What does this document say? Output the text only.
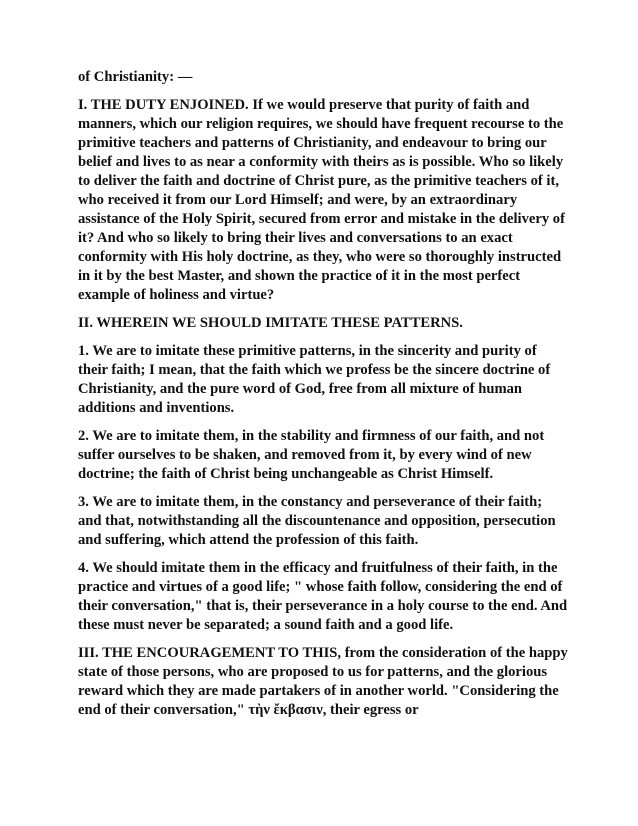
of Christianity: —

I. THE DUTY ENJOINED. If we would preserve that purity of faith and manners, which our religion requires, we should have frequent recourse to the primitive teachers and patterns of Christianity, and endeavour to bring our belief and lives to as near a conformity with theirs as is possible. Who so likely to deliver the faith and doctrine of Christ pure, as the primitive teachers of it, who received it from our Lord Himself; and were, by an extraordinary assistance of the Holy Spirit, secured from error and mistake in the delivery of it? And who so likely to bring their lives and conversations to an exact conformity with His holy doctrine, as they, who were so thoroughly instructed in it by the best Master, and shown the practice of it in the most perfect example of holiness and virtue?

II. WHEREIN WE SHOULD IMITATE THESE PATTERNS.

1. We are to imitate these primitive patterns, in the sincerity and purity of their faith; I mean, that the faith which we profess be the sincere doctrine of Christianity, and the pure word of God, free from all mixture of human additions and inventions.

2. We are to imitate them, in the stability and firmness of our faith, and not suffer ourselves to be shaken, and removed from it, by every wind of new doctrine; the faith of Christ being unchangeable as Christ Himself.

3. We are to imitate them, in the constancy and perseverance of their faith; and that, notwithstanding all the discountenance and opposition, persecution and suffering, which attend the profession of this faith.

4. We should imitate them in the efficacy and fruitfulness of their faith, in the practice and virtues of a good life; " whose faith follow, considering the end of their conversation," that is, their perseverance in a holy course to the end. And these must never be separated; a sound faith and a good life.

III. THE ENCOURAGEMENT TO THIS, from the consideration of the happy state of those persons, who are proposed to us for patterns, and the glorious reward which they are made partakers of in another world. "Considering the end of their conversation," τὴν ἔκβασιν, their egress or
